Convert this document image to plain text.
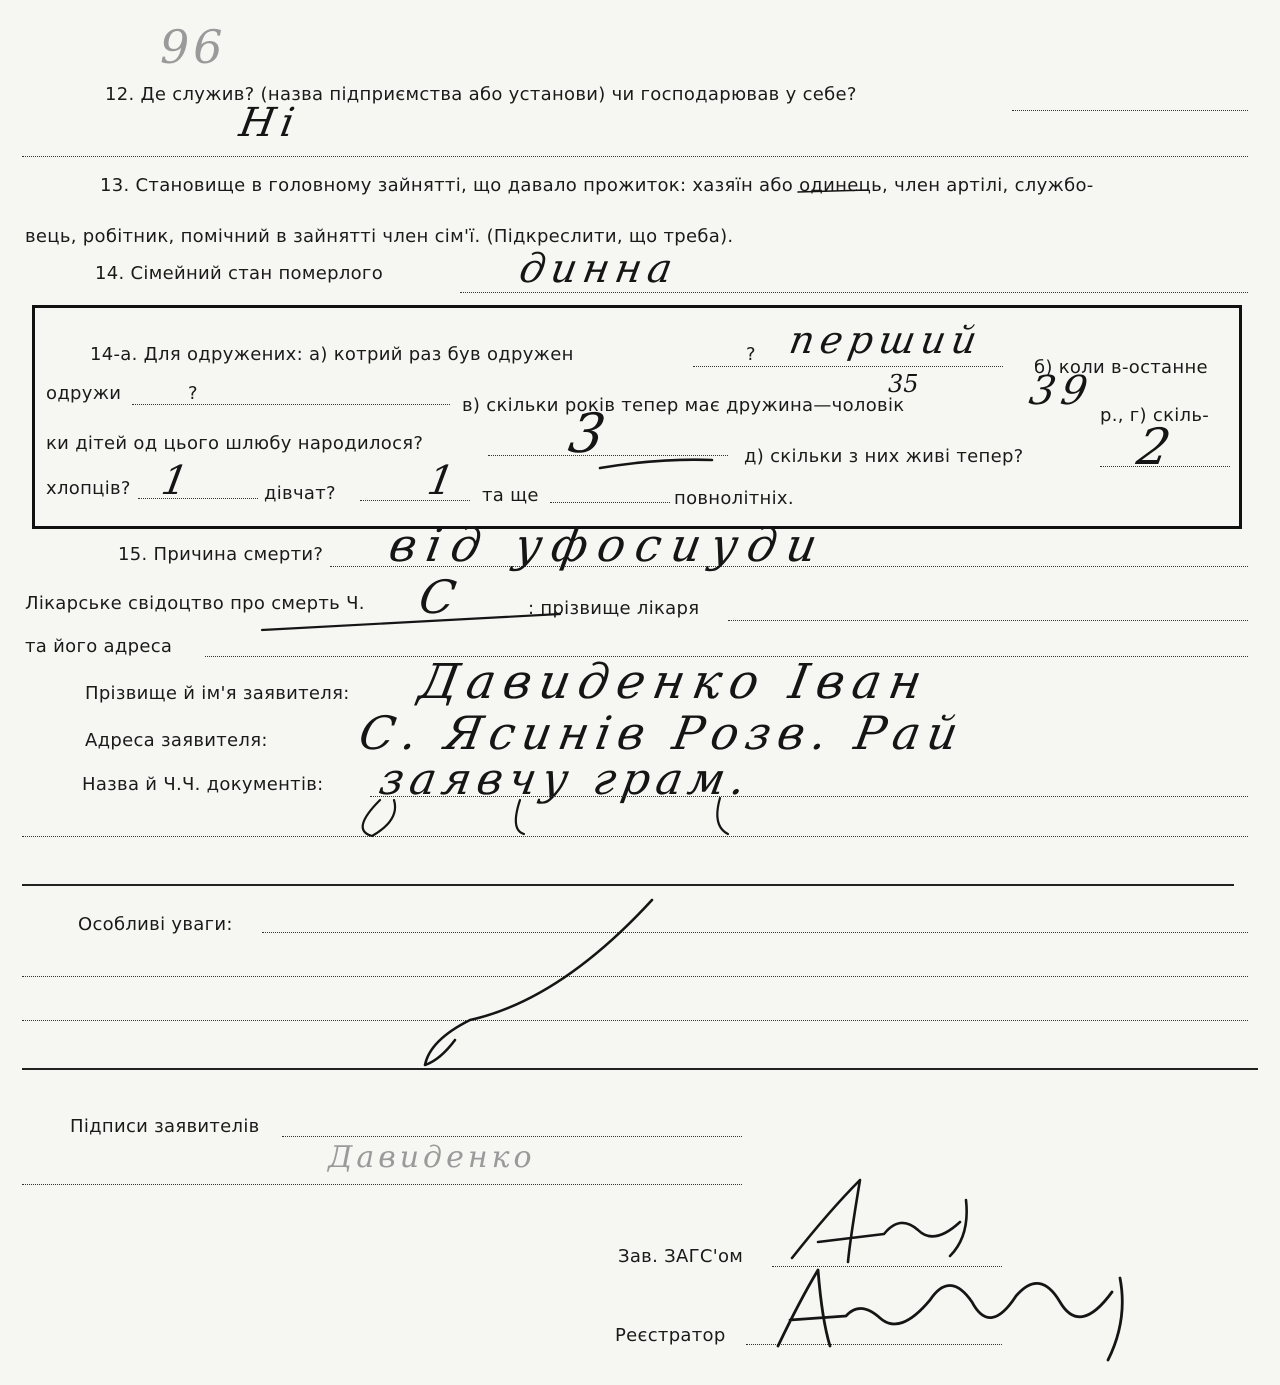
96
12. Де служив? (назва підприємства або установи) чи господарював у себе?
Ні
13. Становище в головному зайнятті, що давало прожиток: хазяїн або одинець, член артілі, службо-
вець, робітник, помічний в зайнятті член сім'ї. (Підкреслити, що треба).
14. Сімейний стан померлого	динна
14-а. Для одружених: а) котрий раз був одружен	? перший
б) коли в-останне
одружи	?
в) скільки років тепер має дружина—чоловік
35	39
р., г) скіль-
ки дітей од цього шлюбу народилося?	3	д) скільки з них живі тепер? 2
хлопців? 1	дівчат? 1 та ще	повнолітніх.
15. Причина смерти? від уфосиуди
Лікарське свідоцтво про смерть Ч. С	: прізвище лікаря
та його адреса
Прізвище й ім'я заявителя: Давиденко Іван
Адреса заявителя: С. Ясинів Розв. Рай
Назва й Ч.Ч. документів: заявчу грам.
Особливі уваги:
Підписи заявителів
Давиденко
Зав. ЗАГС'ом
Реєстратор
